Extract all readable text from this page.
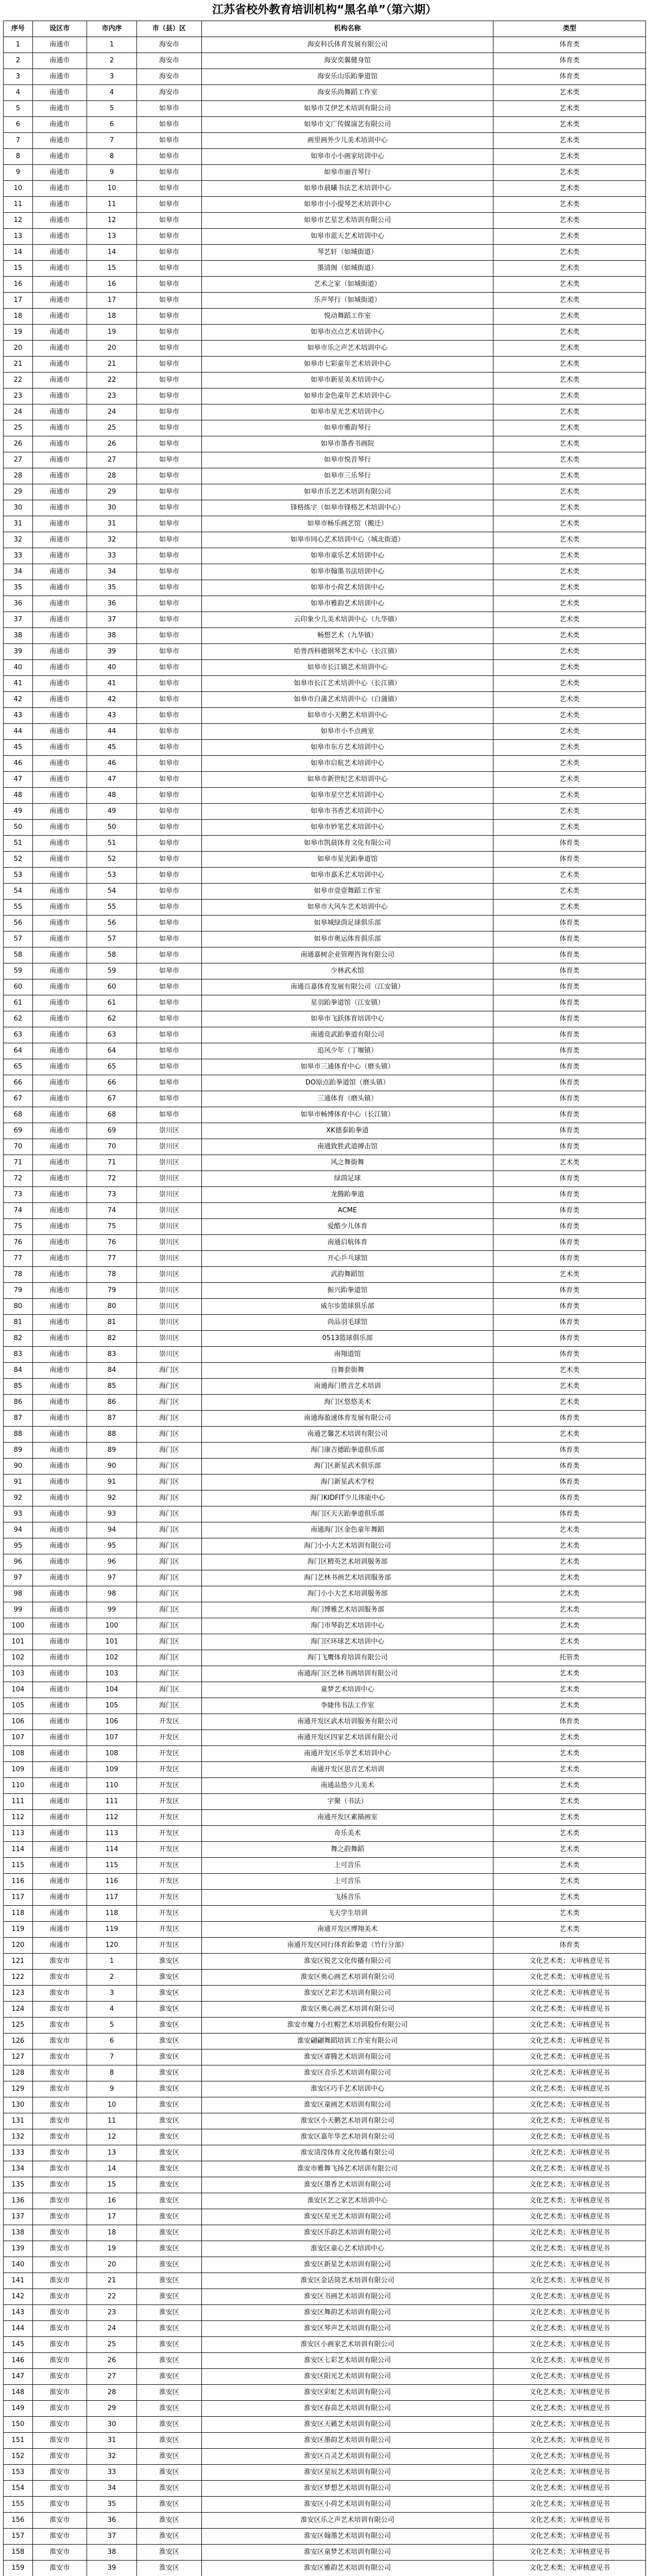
江苏省校外教育培训机构“黑名单”（第六期）
序号	设区市	市内序	市（县）区	机构名称	类型
1	南通市	1	海安市	海安科氏体育发展有限公司	体育类
2	南通市	2	海安市	海安奕翼健身馆	体育类
3	南通市	3	海安市	海安乐山乐跆拳道馆	体育类
4	南通市	4	海安市	海安乐尚舞蹈工作室	艺术类
5	南通市	5	如皋市	如皋市艾伊艺术培训有限公司	艺术类
6	南通市	6	如皋市	如皋市文广传媒演艺有限公司	艺术类
7	南通市	7	如皋市	画里画外少儿美术培训中心	艺术类
8	南通市	8	如皋市	如皋市小小画家培训中心	艺术类
9	南通市	9	如皋市	如皋市丽音琴行	艺术类
10	南通市	10	如皋市	如皋市晨曦书法艺术培训中心	艺术类
11	南通市	11	如皋市	如皋市小小提琴艺术培训中心	艺术类
12	南通市	12	如皋市	如皋市艺星艺术培训有限公司	艺术类
13	南通市	13	如皋市	如皋市蓝天艺术培训中心	艺术类
14	南通市	14	如皋市	琴艺轩（如城街道）	艺术类
15	南通市	15	如皋市	墨清阁（如城街道）	艺术类
16	南通市	16	如皋市	艺术之家（如城街道）	艺术类
17	南通市	17	如皋市	乐声琴行（如城街道）	艺术类
18	南通市	18	如皋市	悦动舞蹈工作室	艺术类
19	南通市	19	如皋市	如皋市点点艺术培训中心	艺术类
20	南通市	20	如皋市	如皋市乐之声艺术培训中心	艺术类
21	南通市	21	如皋市	如皋市七彩童年艺术培训中心	艺术类
22	南通市	22	如皋市	如皋市新星美术培训中心	艺术类
23	南通市	23	如皋市	如皋市金色童年艺术培训中心	艺术类
24	南通市	24	如皋市	如皋市星光艺术培训中心	艺术类
25	南通市	25	如皋市	如皋市雅韵琴行	艺术类
26	南通市	26	如皋市	如皋市墨香书画院	艺术类
27	南通市	27	如皋市	如皋市悦音琴行	艺术类
28	南通市	28	如皋市	如皋市三乐琴行	艺术类
29	南通市	29	如皋市	如皋市乐艺艺术培训有限公司	艺术类
30	南通市	30	如皋市	锋格练字（如皋市锋格艺术培训中心）	艺术类
31	南通市	31	如皋市	如皋市畅乐画艺馆（搬迁）	艺术类
32	南通市	32	如皋市	如皋市同心艺术培训中心（城北街道）	艺术类
33	南通市	33	如皋市	如皋市童乐艺术培训中心	艺术类
34	南通市	34	如皋市	如皋市翰墨书法培训中心	艺术类
35	南通市	35	如皋市	如皋市小荷艺术培训中心	艺术类
36	南通市	36	如皋市	如皋市雅韵艺术培训中心	艺术类
37	南通市	37	如皋市	云印象少儿美术培训中心（九华镇）	艺术类
38	南通市	38	如皋市	畅想艺术（九华镇）	艺术类
39	南通市	39	如皋市	哈普西科德钢琴艺术中心（长江镇）	艺术类
40	南通市	40	如皋市	如皋市长江镇艺术培训中心	艺术类
41	南通市	41	如皋市	如皋市长江艺术培训中心（长江镇）	艺术类
42	南通市	42	如皋市	如皋市白蒲艺术培训中心（白蒲镇）	艺术类
43	南通市	43	如皋市	如皋市小天鹅艺术培训中心	艺术类
44	南通市	44	如皋市	如皋市小不点画室	艺术类
45	南通市	45	如皋市	如皋市东方艺术培训中心	艺术类
46	南通市	46	如皋市	如皋市启航艺术培训中心	艺术类
47	南通市	47	如皋市	如皋市新世纪艺术培训中心	艺术类
48	南通市	48	如皋市	如皋市星空艺术培训中心	艺术类
49	南通市	49	如皋市	如皋市书香艺术培训中心	艺术类
50	南通市	50	如皋市	如皋市妙笔艺术培训中心	艺术类
51	南通市	51	如皋市	如皋市凯晨体育文化有限公司	体育类
52	南通市	52	如皋市	如皋市星光跆拳道馆	体育类
53	南通市	53	如皋市	如皋市嘉禾艺术培训中心	艺术类
54	南通市	54	如皋市	如皋市壹壹舞蹈工作室	艺术类
55	南通市	55	如皋市	如皋市大风车艺术培训中心	艺术类
56	南通市	56	如皋市	如皋城绿茵足球俱乐部	体育类
57	南通市	57	如皋市	如皋市奥运体育俱乐部	体育类
58	南通市	58	如皋市	南通嘉树企业管理咨询有限公司	体育类
59	南通市	59	如皋市	少林武术馆	体育类
60	南通市	60	如皋市	南通百嘉体育发展有限公司（江安镇）	体育类
61	南通市	61	如皋市	星羽跆拳道馆（江安镇）	体育类
62	南通市	62	如皋市	如皋市飞跃体育培训中心	体育类
63	南通市	63	如皋市	南通竞武跆拳道有限公司	体育类
64	南通市	64	如皋市	追风少年（丁堰镇）	体育类
65	南通市	65	如皋市	如皋市三通体育中心（磨头镇）	体育类
66	南通市	66	如皋市	DO原点跆拳道馆（磨头镇）	体育类
67	南通市	67	如皋市	三通体育（磨头镇）	体育类
68	南通市	68	如皋市	如皋市畅博体育中心（长江镇）	体育类
69	南通市	69	崇川区	XK德泰跆拳道	体育类
70	南通市	70	崇川区	南通致胜武道搏击馆	体育类
71	南通市	71	崇川区	风之舞街舞	艺术类
72	南通市	72	崇川区	绿茵足球	体育类
73	南通市	73	崇川区	龙腾跆拳道	体育类
74	南通市	74	崇川区	ACME	体育类
75	南通市	75	崇川区	爱酷少儿体育	体育类
76	南通市	76	崇川区	南通启航体育	体育类
77	南通市	77	崇川区	开心乒乓球馆	体育类
78	南通市	78	崇川区	武韵舞蹈馆	艺术类
79	南通市	79	崇川区	振兴跆拳道馆	体育类
80	南通市	80	崇川区	威尔步篮球俱乐部	体育类
81	南通市	81	崇川区	尚品羽毛球馆	体育类
82	南通市	82	崇川区	0513篮球俱乐部	体育类
83	南通市	83	崇川区	南翔道馆	体育类
84	南通市	84	海门区	自舞套街舞	艺术类
85	南通市	85	海门区	南通海门胜音艺术培训	艺术类
86	南通市	86	海门区	海门区悠悠美术	艺术类
87	南通市	87	海门区	南通海盈速体育发展有限公司	体育类
88	南通市	88	海门区	南通艺馨艺术培训有限公司	艺术类
89	南通市	89	海门区	海门康吉德跆拳道俱乐部	体育类
90	南通市	90	海门区	海门区新星武术俱乐部	体育类
91	南通市	91	海门区	海门新星武术学校	体育类
92	南通市	92	海门区	海门KIDFIT少儿体能中心	体育类
93	南通市	93	海门区	海门区天天跆拳道俱乐部	体育类
94	南通市	94	海门区	南通海门区金色童年舞蹈	艺术类
95	南通市	95	海门区	海门小小大艺术培训有限公司	艺术类
96	南通市	96	海门区	海门区精英艺术培训服务部	艺术类
97	南通市	97	海门区	海门艺林书画艺术培训服务部	艺术类
98	南通市	98	海门区	海门小小大艺术培训服务部	艺术类
99	南通市	99	海门区	海门博雅艺术培训服务部	艺术类
100	南通市	100	海门区	海门市琴韵艺术培训中心	艺术类
101	南通市	101	海门区	海门区环球艺术培训中心	艺术类
102	南通市	102	海门区	海门飞鹰体育培训有限公司	托管类
103	南通市	103	海门区	南通海门区艺林书画培训有限公司	艺术类
104	南通市	104	海门区	童梦艺术培训中心	艺术类
105	南通市	105	海门区	李婕伟书法工作室	艺术类
106	南通市	106	开发区	南通开发区武术培训服务有限公司	体育类
107	南通市	107	开发区	南通开发区四家艺术培训有限公司	艺术类
108	南通市	108	开发区	南通开发区乐享艺术培训中心	艺术类
109	南通市	109	开发区	南通开发区思音艺术培训	艺术类
110	南通市	110	开发区	南通品悠少儿美术	艺术类
111	南通市	111	开发区	字聚（书法）	艺术类
112	南通市	112	开发区	南通开发区素描画室	艺术类
113	南通市	113	开发区	奇乐美术	艺术类
114	南通市	114	开发区	舞之韵舞蹈	艺术类
115	南通市	115	开发区	上可音乐	艺术类
116	南通市	116	开发区	上可音乐	艺术类
117	南通市	117	开发区	飞扬音乐	艺术类
118	南通市	118	开发区	飞天学生培训	艺术类
119	南通市	119	开发区	南通开发区博翔美术	艺术类
120	南通市	120	开发区	南通开发区同行体育跆拳道（竹行分部）	体育类
121	淮安市	1	淮安区	淮安区锐艺文化传播有限公司	文化艺术类；无审核意见书
122	淮安市	2	淮安区	淮安区奥心画艺术培训有限公司	文化艺术类；无审核意见书
123	淮安市	3	淮安区	淮安区艺彩艺术培训有限公司	文化艺术类；无审核意见书
124	淮安市	4	淮安区	淮安区奥心画艺术培训有限公司	文化艺术类；无审核意见书
125	淮安市	5	淮安区	淮安市魔力小红帽艺术培训股份有限公司	文化艺术类；无审核意见书
126	淮安市	6	淮安区	淮安翩翩舞蹈培训工作室有限公司	文化艺术类；无审核意见书
127	淮安市	7	淮安区	淮安区睿腾艺术培训有限公司	文化艺术类；无审核意见书
128	淮安市	8	淮安区	淮安区音乐艺术培训有限公司	文化艺术类；无审核意见书
129	淮安市	9	淮安区	淮安区巧手艺术培训中心	文化艺术类；无审核意见书
130	淮安市	10	淮安区	淮安区童画艺术培训有限公司	文化艺术类；无审核意见书
131	淮安市	11	淮安区	淮安区小天鹅艺术培训有限公司	文化艺术类；无审核意见书
132	淮安市	12	淮安区	淮安区嘉年华艺术培训有限公司	文化艺术类；无审核意见书
133	淮安市	13	淮安区	淮安清滢体育文化传播有限公司	文化艺术类；无审核意见书
134	淮安市	14	淮安区	淮安市雅舞飞扬艺术培训有限公司	文化艺术类；无审核意见书
135	淮安市	15	淮安区	淮安区墨香艺术培训有限公司	文化艺术类；无审核意见书
136	淮安市	16	淮安区	淮安区艺之家艺术培训中心	文化艺术类；无审核意见书
137	淮安市	17	淮安区	淮安区星光艺术培训有限公司	文化艺术类；无审核意见书
138	淮安市	18	淮安区	淮安区乐韵艺术培训有限公司	文化艺术类；无审核意见书
139	淮安市	19	淮安区	淮安区童心艺术培训中心	文化艺术类；无审核意见书
140	淮安市	20	淮安区	淮安区新星艺术培训有限公司	文化艺术类；无审核意见书
141	淮安市	21	淮安区	淮安区金话筒艺术培训有限公司	文化艺术类；无审核意见书
142	淮安市	22	淮安区	淮安区书画艺术培训有限公司	文化艺术类；无审核意见书
143	淮安市	23	淮安区	淮安区舞韵艺术培训有限公司	文化艺术类；无审核意见书
144	淮安市	24	淮安区	淮安区琴声艺术培训有限公司	文化艺术类；无审核意见书
145	淮安市	25	淮安区	淮安区小画家艺术培训有限公司	文化艺术类；无审核意见书
146	淮安市	26	淮安区	淮安区七彩艺术培训有限公司	文化艺术类；无审核意见书
147	淮安市	27	淮安区	淮安区阳光艺术培训有限公司	文化艺术类；无审核意见书
148	淮安市	28	淮安区	淮安区彩虹艺术培训有限公司	文化艺术类；无审核意见书
149	淮安市	29	淮安区	淮安区春苗艺术培训有限公司	文化艺术类；无审核意见书
150	淮安市	30	淮安区	淮安区天籁艺术培训有限公司	文化艺术类；无审核意见书
151	淮安市	31	淮安区	淮安区墨韵艺术培训有限公司	文化艺术类；无审核意见书
152	淮安市	32	淮安区	淮安区百灵艺术培训有限公司	文化艺术类；无审核意见书
153	淮安市	33	淮安区	淮安区星辰艺术培训有限公司	文化艺术类；无审核意见书
154	淮安市	34	淮安区	淮安区梦想艺术培训有限公司	文化艺术类；无审核意见书
155	淮安市	35	淮安区	淮安区小荷艺术培训有限公司	文化艺术类；无审核意见书
156	淮安市	36	淮安区	淮安区乐之声艺术培训有限公司	文化艺术类；无审核意见书
157	淮安市	37	淮安区	淮安区翰墨艺术培训有限公司	文化艺术类；无审核意见书
158	淮安市	38	淮安区	淮安区童梦艺术培训有限公司	文化艺术类；无审核意见书
159	淮安市	39	淮安区	淮安区雅韵艺术培训有限公司	文化艺术类；无审核意见书
